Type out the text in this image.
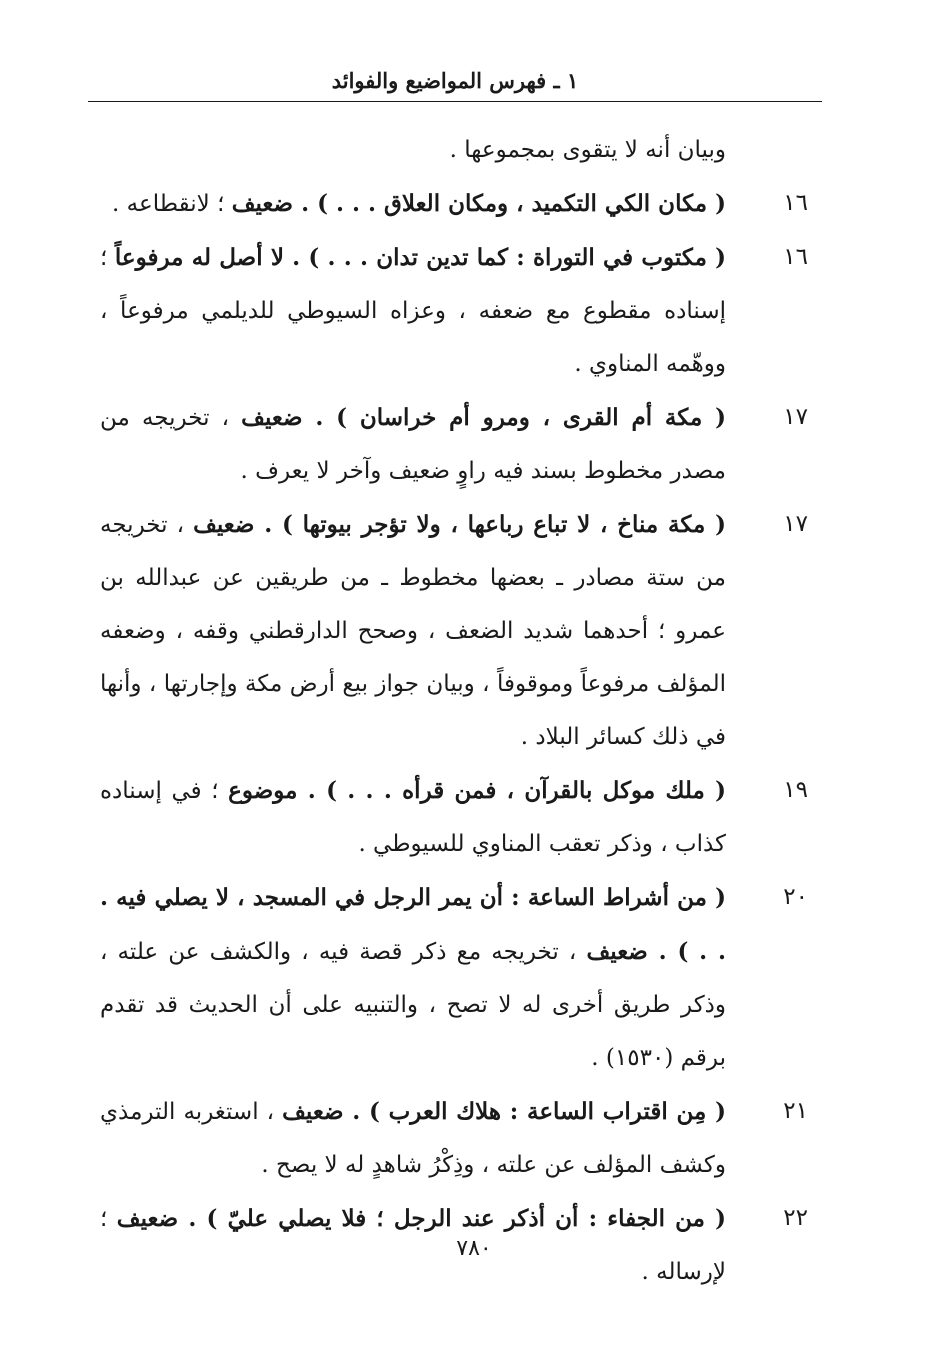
١ ـ فهرس المواضيع والفوائد
وبيان أنه لا يتقوى بمجموعها .
١٦
( مكان الكي التكميد ، ومكان العلاق . . . ) . ضعيف ؛ لانقطاعه .
١٦
( مكتوب في التوراة : كما تدين تدان . . . ) . لا أصل له مرفوعاً ؛ إسناده مقطوع مع ضعفه ، وعزاه السيوطي للديلمي مرفوعاً ، ووهّمه المناوي .
١٧
( مكة أم القرى ، ومرو أم خراسان ) . ضعيف ، تخريجه من مصدر مخطوط بسند فيه راوٍ ضعيف وآخر لا يعرف .
١٧
( مكة مناخ ، لا تباع رباعها ، ولا تؤجر بيوتها ) . ضعيف ، تخريجه من ستة مصادر ـ بعضها مخطوط ـ من طريقين عن عبدالله بن عمرو ؛ أحدهما شديد الضعف ، وصحح الدارقطني وقفه ، وضعفه المؤلف مرفوعاً وموقوفاً ، وبيان جواز بيع أرض مكة وإجارتها ، وأنها في ذلك كسائر البلاد .
١٩
( ملك موكل بالقرآن ، فمن قرأه . . . ) . موضوع ؛ في إسناده كذاب ، وذكر تعقب المناوي للسيوطي .
٢٠
( من أشراط الساعة : أن يمر الرجل في المسجد ، لا يصلي فيه . . . ) . ضعيف ، تخريجه مع ذكر قصة فيه ، والكشف عن علته ، وذكر طريق أخرى له لا تصح ، والتنبيه على أن الحديث قد تقدم برقم (١٥٣٠) .
٢١
( مِن اقتراب الساعة : هلاك العرب ) . ضعيف ، استغربه الترمذي وكشف المؤلف عن علته ، وذِكْرُ شاهدٍ له لا يصح .
٢٢
( من الجفاء : أن أذكر عند الرجل ؛ فلا يصلي عليّ ) . ضعيف ؛ لإرساله .
٧٨٠
